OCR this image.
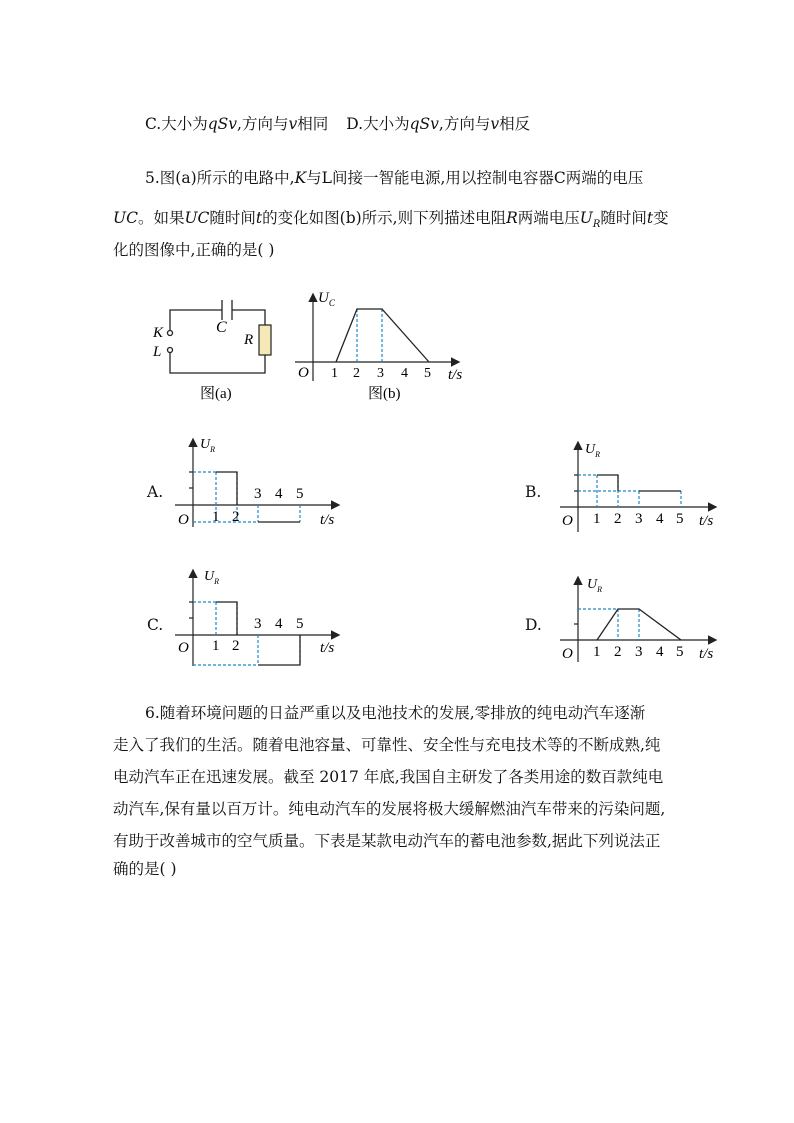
C.大小为qSv,方向与v相同 D.大小为qSv,方向与v相反
5.图(a)所示的电路中,K与L间接一智能电源,用以控制电容器C两端的电压
UC。如果UC随时间t的变化如图(b)所示,则下列描述电阻R两端电压$U_R$随时间t变
化的图像中,正确的是( )
C
K
L
R
图(a)
$U_C$
O 1 2 3 4 5 t/s
图(b)
A.
$U_R$
O 1 2
3 4 5
t/s
B.
$U_R$
O 1 2 3 4 5 t/s
C.
$U_R$
O 1 2
3 4 5
t/s
D.
$U_R$
O 1 2 3 4 5 t/s
6.随着环境问题的日益严重以及电池技术的发展,零排放的纯电动汽车逐渐
走入了我们的生活。随着电池容量、可靠性、安全性与充电技术等的不断成熟,纯
电动汽车正在迅速发展。截至 2017 年底,我国自主研发了各类用途的数百款纯电
动汽车,保有量以百万计。纯电动汽车的发展将极大缓解燃油汽车带来的污染问题,
有助于改善城市的空气质量。下表是某款电动汽车的蓄电池参数,据此下列说法正
确的是( )
